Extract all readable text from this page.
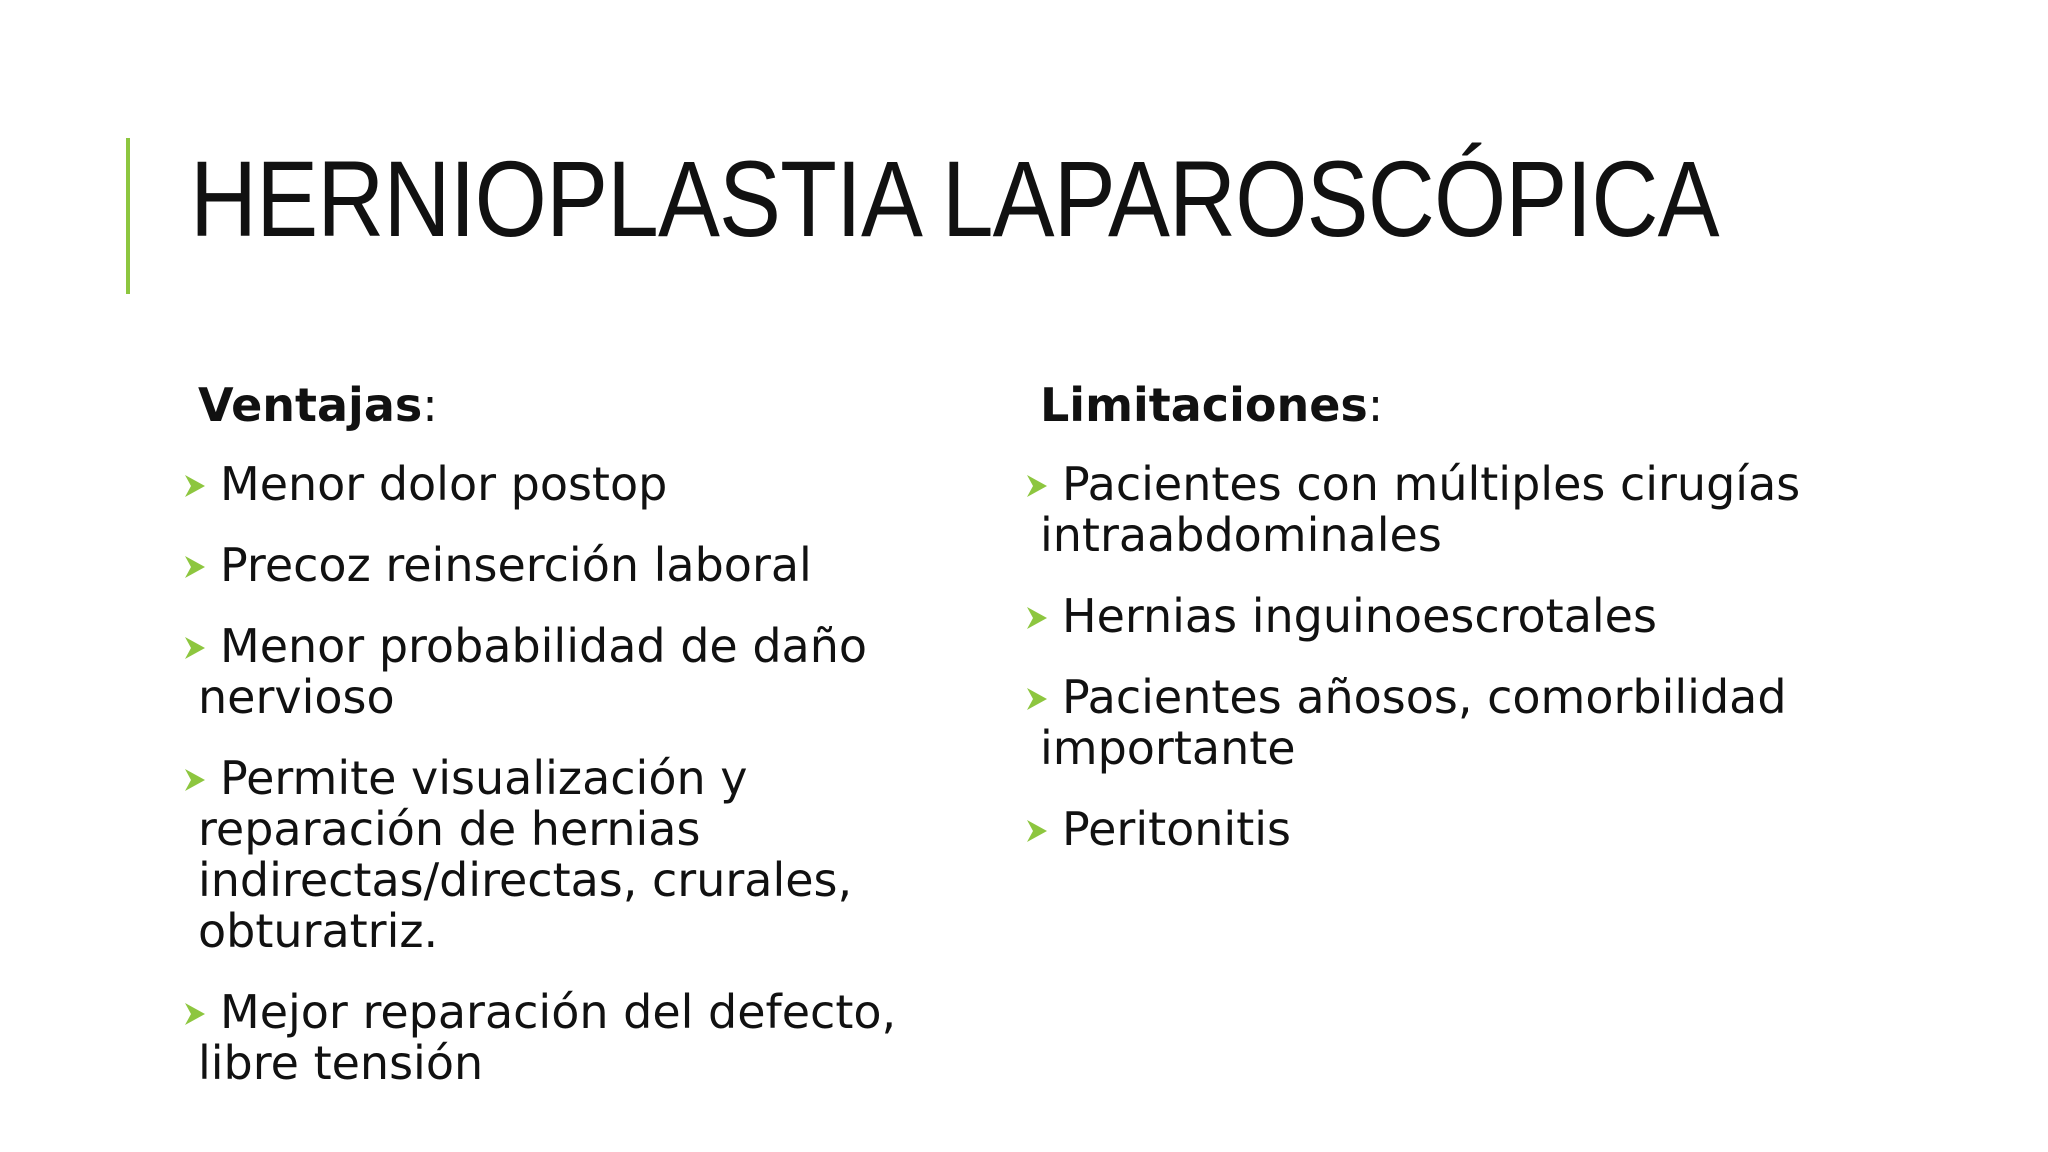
HERNIOPLASTIA LAPAROSCÓPICA

Ventajas:

Menor dolor postop
Precoz reinserción laboral
Menor probabilidad de daño nervioso
Permite visualización y reparación de hernias indirectas/directas, crurales, obturatriz.
Mejor reparación del defecto, libre tensión

Limitaciones:

Pacientes con múltiples cirugías intraabdominales
Hernias inguinoescrotales
Pacientes añosos, comorbilidad importante
Peritonitis
